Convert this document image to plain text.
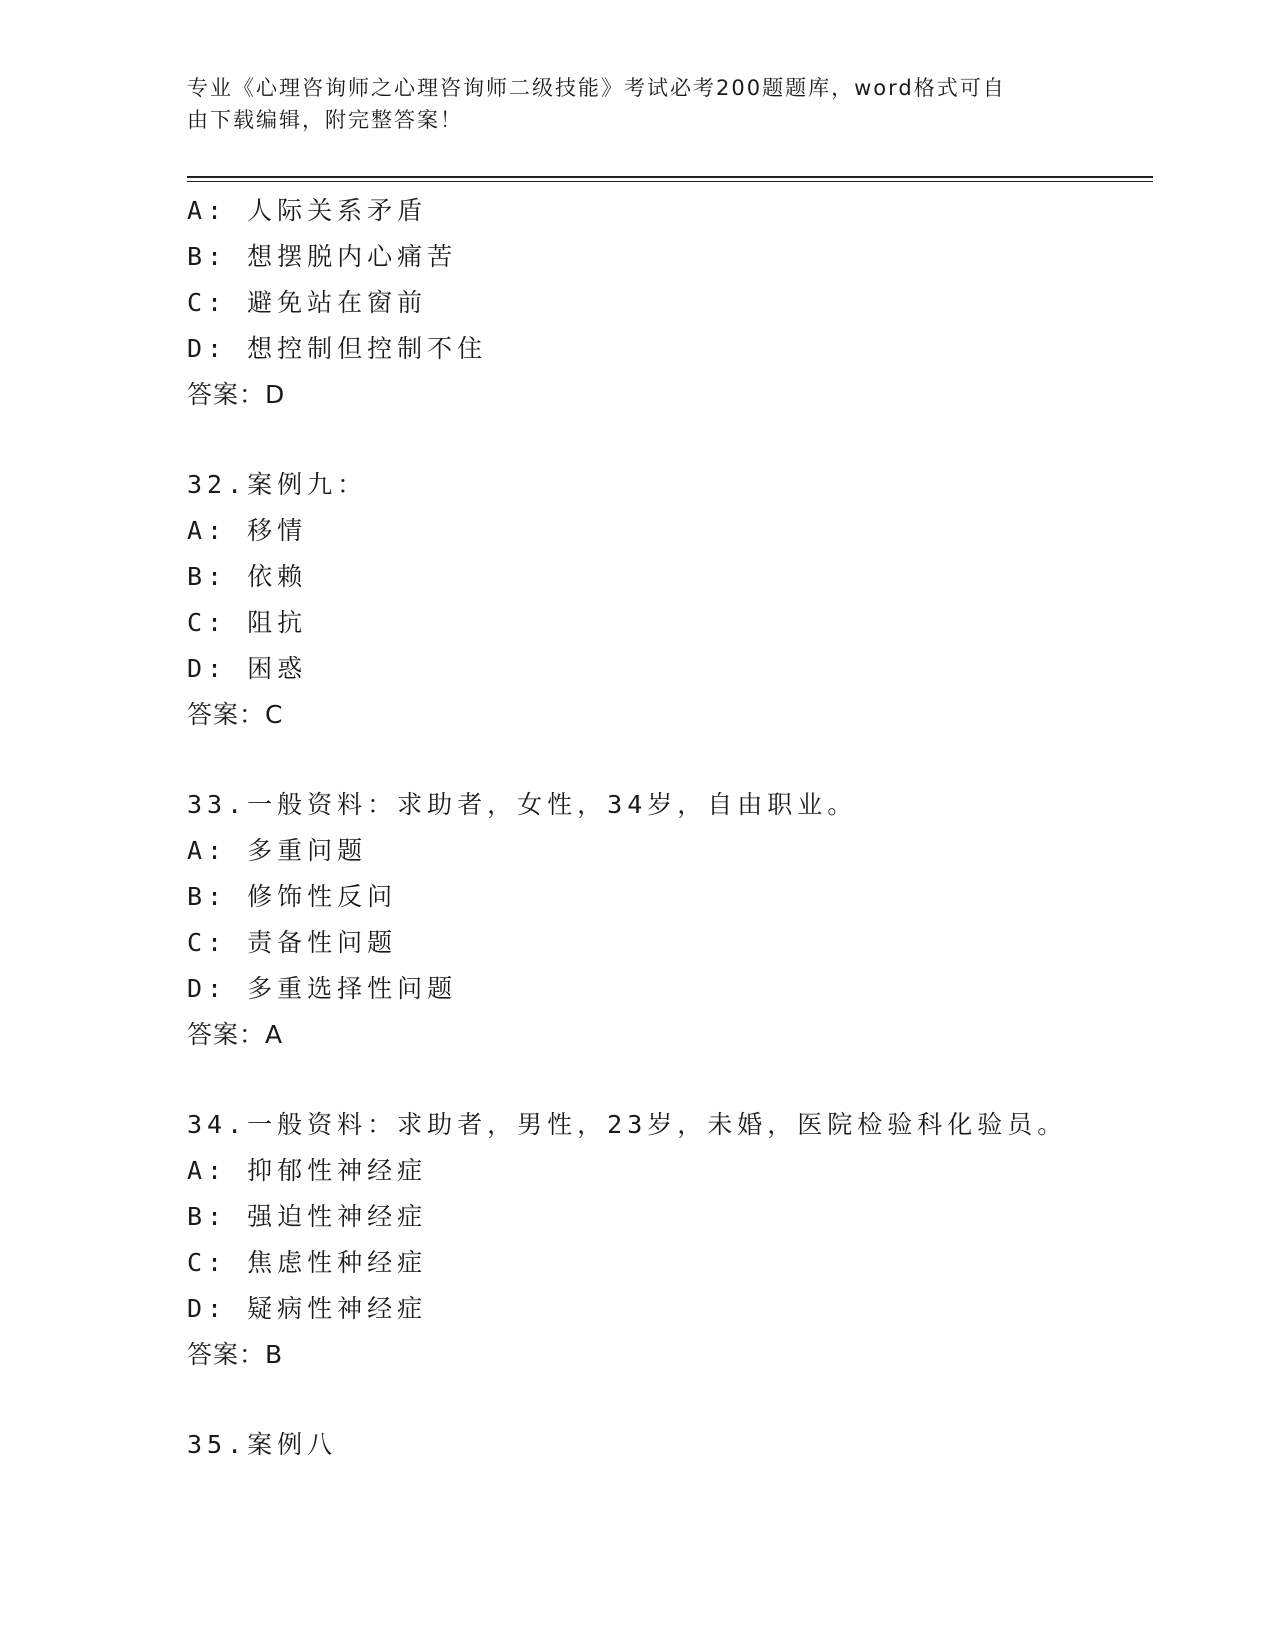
专业《心理咨询师之心理咨询师二级技能》考试必考200题题库，word格式可自
由下载编辑，附完整答案！
A: 人际关系矛盾
B: 想摆脱内心痛苦
C: 避免站在窗前
D: 想控制但控制不住
答案：D
32.案例九：
A: 移情
B: 依赖
C: 阻抗
D: 困惑
答案：C
33.一般资料：求助者，女性，34岁，自由职业。
A: 多重问题
B: 修饰性反问
C: 责备性问题
D: 多重选择性问题
答案：A
34.一般资料：求助者，男性，23岁，未婚，医院检验科化验员。
A: 抑郁性神经症
B: 强迫性神经症
C: 焦虑性种经症
D: 疑病性神经症
答案：B
35.案例八
